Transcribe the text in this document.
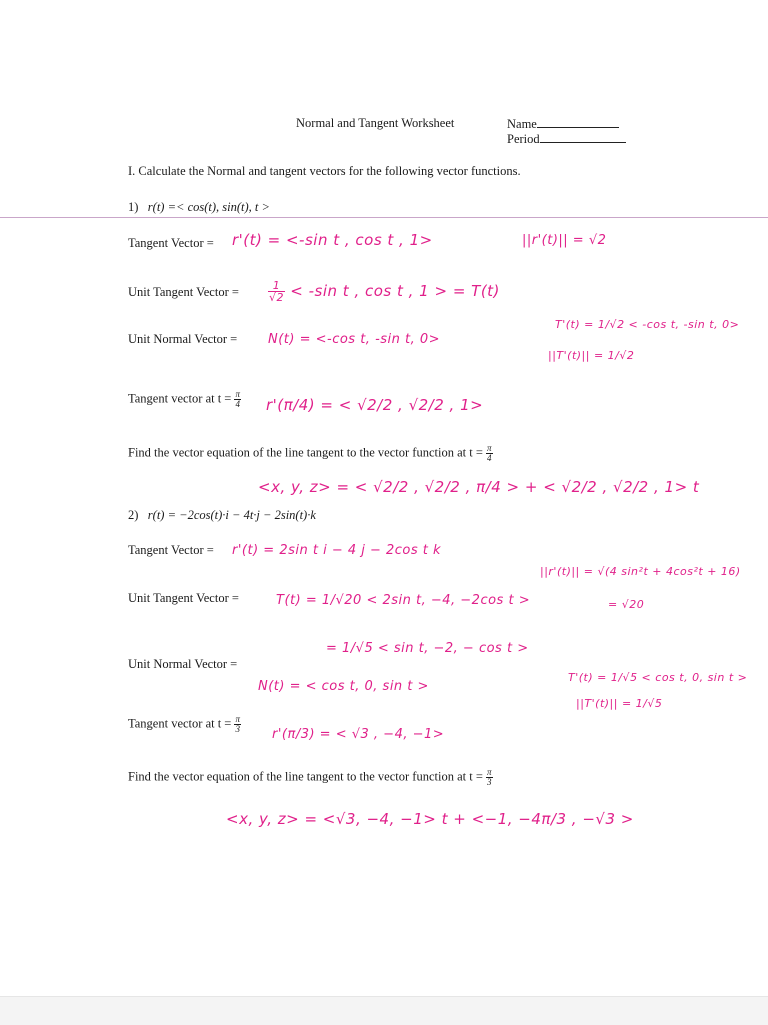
Normal and Tangent Worksheet	Name
Period
I. Calculate the Normal and tangent vectors for the following vector functions.
1) r(t) =< cos(t), sin(t), t >
Tangent Vector = r'(t) = <-sin t , cos t , 1>	||r'(t)|| = √2
Unit Tangent Vector =	$\frac{1}{√2} < -\sin$ t , cos t , 1 > = T(t)
T'(t) = 1/√2 < -cos t, -sin t, 0>
||T'(t)|| = 1/√2
Unit Normal Vector = N(t) = <-cos t, -sin t, 0>
Tangent vector at $t = \frac{\pi}{4} r'(\pi/4)$ = < √2/2 , √2/2 , 1>
Find the vector equation of the line tangent to the vector function at $t = \frac{\pi}{4}$
<x, y, z> = < √2/2 , √2/2 , π/4 > + < √2/2 , √2/2 , 1> t
2) r(t) = −2cos(t)·i − 4t·j − 2sin(t)·k
Tangent Vector = r'(t) = 2sin t i − 4 j − 2cos t k
||r'(t)|| = √(4 sin²t + 4cos²t + 16)
= √20
Unit Tangent Vector =	T(t) = 1/√20 < 2sin t, −4, −2cos t >
= 1/√5 < sin t, −2, − cos t >
Unit Normal Vector =
N(t) = < cos t, 0, sin t >
T'(t) = 1/√5 < cos t, 0, sin t >
||T'(t)|| = 1/√5
Tangent vector at $t = \frac{\pi}{3}$
r'(π/3) = < √3 , −4, −1>
Find the vector equation of the line tangent to the vector function at $t = \frac{\pi}{3}$
<x, y, z> = <√3, −4, −1> t + <−1, −4π/3 , −√3 >
